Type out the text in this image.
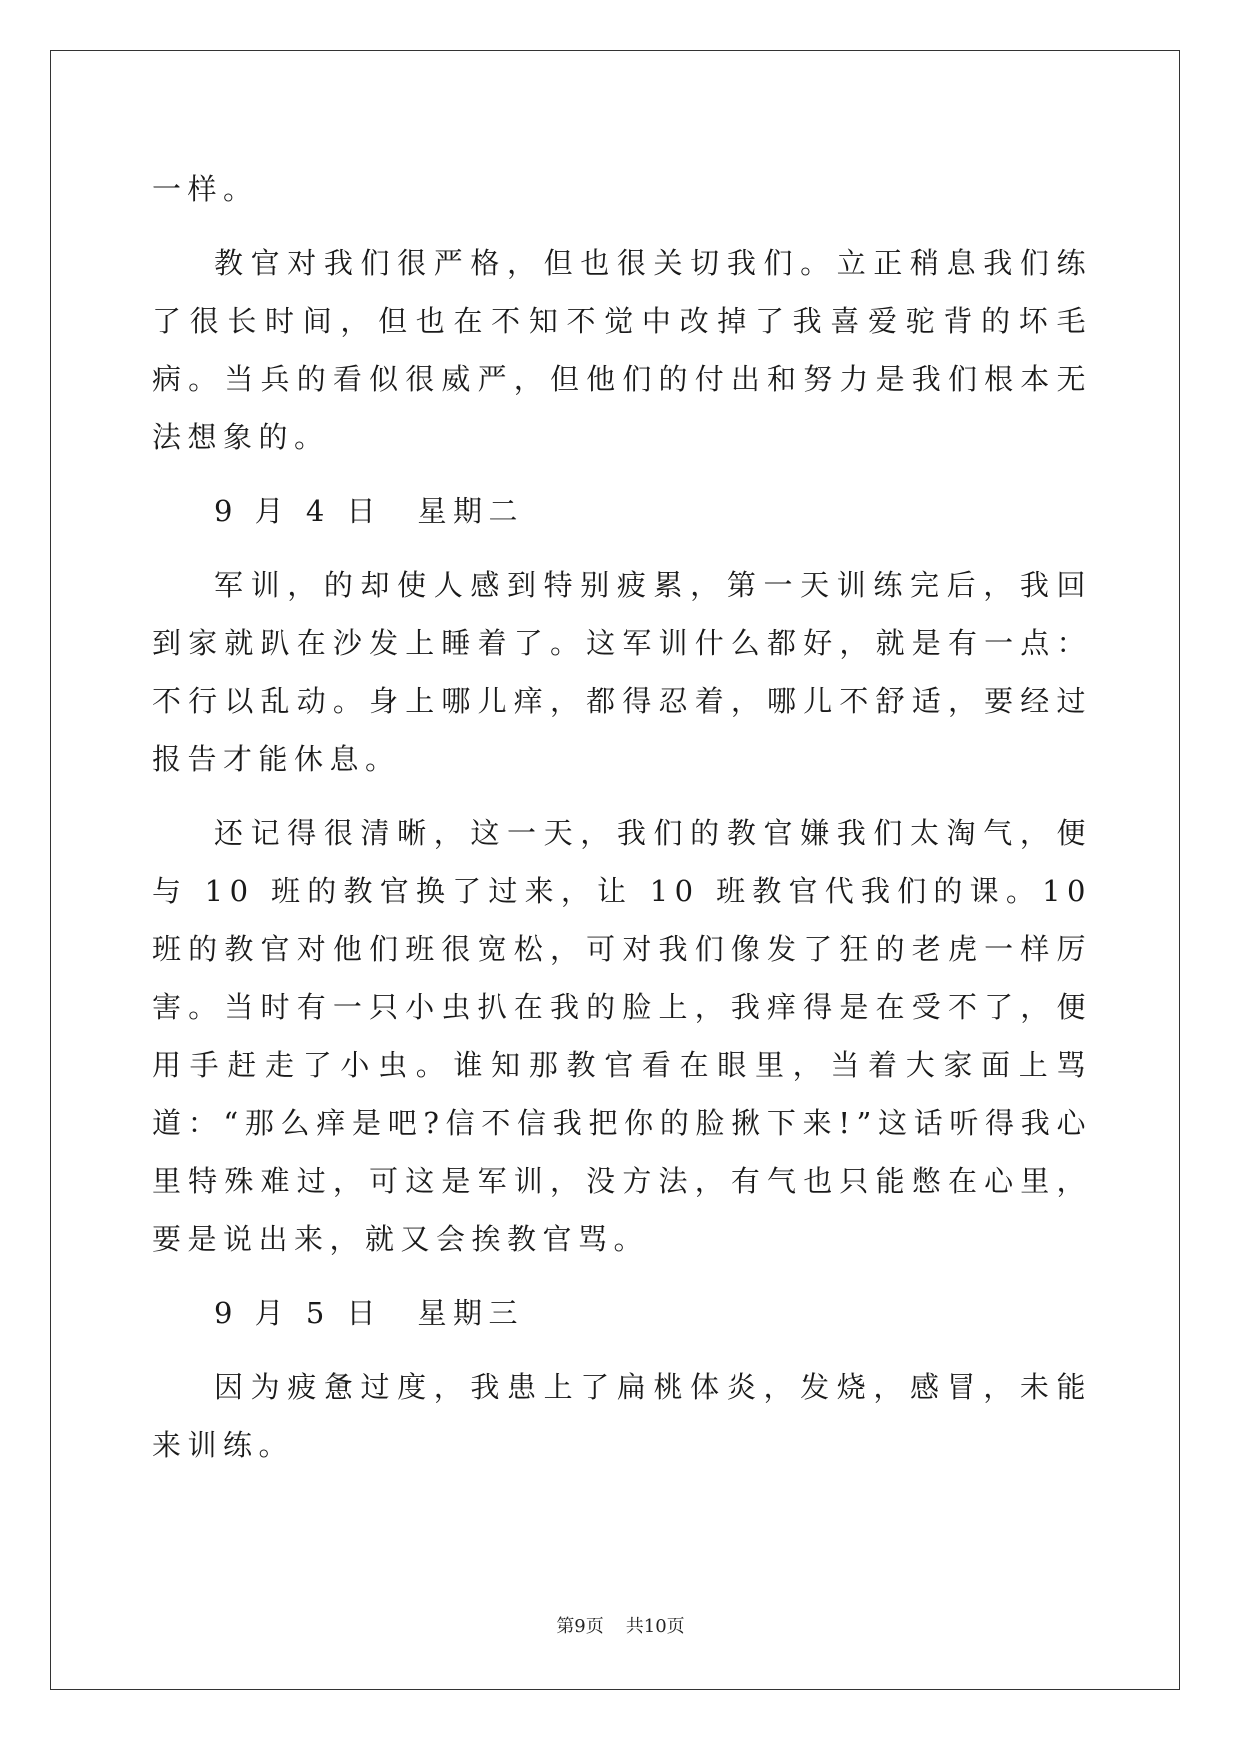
一样。

教官对我们很严格，但也很关切我们。立正稍息我们练了很长时间，但也在不知不觉中改掉了我喜爱驼背的坏毛病。当兵的看似很威严，但他们的付出和努力是我们根本无法想象的。

9 月 4 日　星期二

军训，的却使人感到特别疲累，第一天训练完后，我回到家就趴在沙发上睡着了。这军训什么都好，就是有一点：不行以乱动。身上哪儿痒，都得忍着，哪儿不舒适，要经过报告才能休息。

还记得很清晰，这一天，我们的教官嫌我们太淘气，便与 10 班的教官换了过来，让 10 班教官代我们的课。10 班的教官对他们班很宽松，可对我们像发了狂的老虎一样厉害。当时有一只小虫扒在我的脸上，我痒得是在受不了，便用手赶走了小虫。谁知那教官看在眼里，当着大家面上骂道：“那么痒是吧?信不信我把你的脸揪下来!”这话听得我心里特殊难过，可这是军训，没方法，有气也只能憋在心里，要是说出来，就又会挨教官骂。

9 月 5 日　星期三

因为疲惫过度，我患上了扁桃体炎，发烧，感冒，未能来训练。

第9页 共10页
